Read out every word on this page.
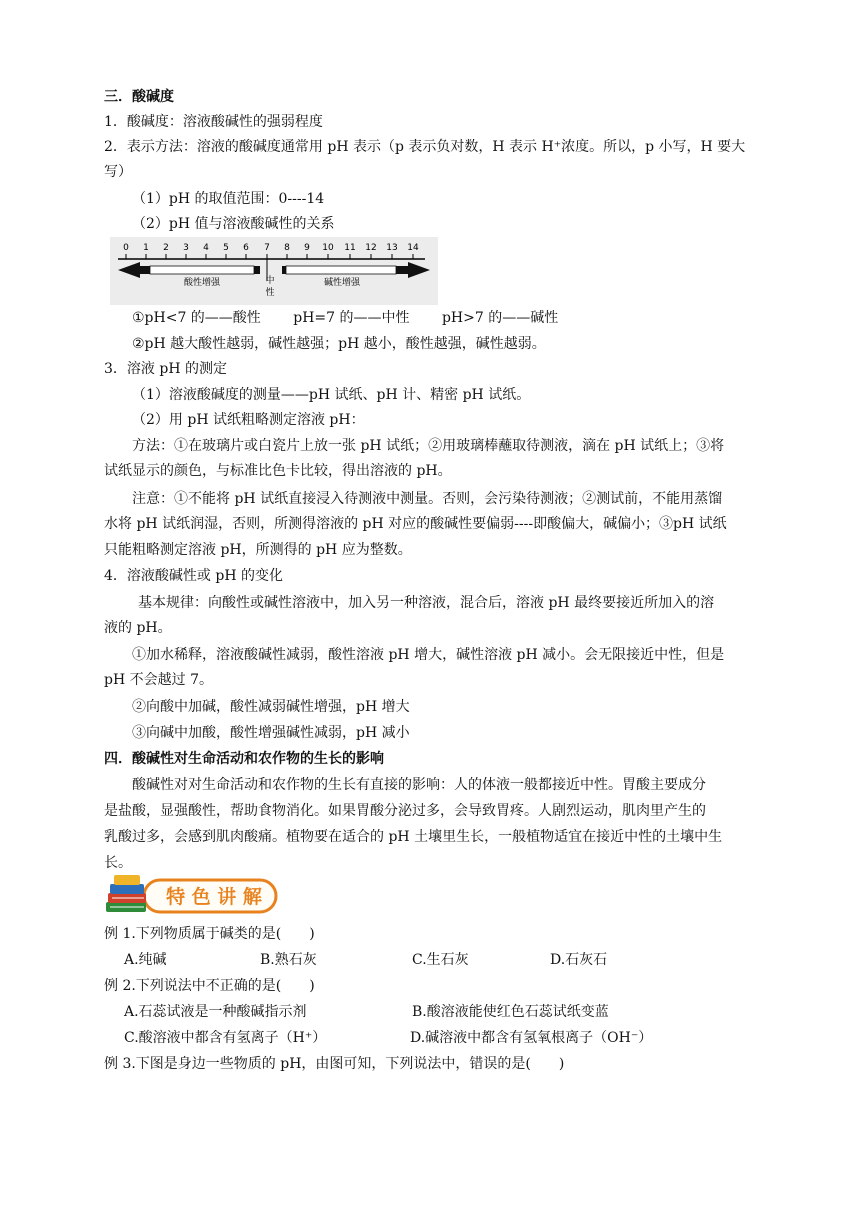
三．酸碱度
1．酸碱度：溶液酸碱性的强弱程度
2．表示方法：溶液的酸碱度通常用 pH 表示（p 表示负对数，H 表示 H⁺浓度。所以，p 小写，H 要大
写）
（1）pH 的取值范围：0----14
（2）pH 值与溶液酸碱性的关系
0 1 2 3 4 5 6 7 8 9 10 11 12 13 14
酸性增强	中
性
碱性增强
①pH<7 的——酸性　　 pH=7 的——中性　　 pH>7 的——碱性
②pH 越大酸性越弱，碱性越强；pH 越小，酸性越强，碱性越弱。
3．溶液 pH 的测定
（1）溶液酸碱度的测量——pH 试纸、pH 计、精密 pH 试纸。
（2）用 pH 试纸粗略测定溶液 pH：
方法：①在玻璃片或白瓷片上放一张 pH 试纸；②用玻璃棒蘸取待测液，滴在 pH 试纸上；③将
试纸显示的颜色，与标准比色卡比较，得出溶液的 pH。
注意：①不能将 pH 试纸直接浸入待测液中测量。否则，会污染待测液；②测试前，不能用蒸馏
水将 pH 试纸润湿，否则，所测得溶液的 pH 对应的酸碱性要偏弱----即酸偏大，碱偏小；③pH 试纸
只能粗略测定溶液 pH，所测得的 pH 应为整数。
4．溶液酸碱性或 pH 的变化
基本规律：向酸性或碱性溶液中，加入另一种溶液，混合后，溶液 pH 最终要接近所加入的溶
液的 pH。
①加水稀释，溶液酸碱性减弱，酸性溶液 pH 增大，碱性溶液 pH 减小。会无限接近中性，但是
pH 不会越过 7。
②向酸中加碱，酸性减弱碱性增强，pH 增大
③向碱中加酸，酸性增强碱性减弱，pH 减小
四．酸碱性对生命活动和农作物的生长的影响
酸碱性对对生命活动和农作物的生长有直接的影响：人的体液一般都接近中性。胃酸主要成分
是盐酸，显强酸性，帮助食物消化。如果胃酸分泌过多，会导致胃疼。人剧烈运动，肌肉里产生的
乳酸过多，会感到肌肉酸痛。植物要在适合的 pH 土壤里生长，一般植物适宜在接近中性的土壤中生
长。
特 色 讲 解
例 1.下列物质属于碱类的是(　　)
A.纯碱	B.熟石灰	C.生石灰	D.石灰石
例 2.下列说法中不正确的是(　　)
A.石蕊试液是一种酸碱指示剂	B.酸溶液能使红色石蕊试纸变蓝
C.酸溶液中都含有氢离子（H⁺）	D.碱溶液中都含有氢氧根离子（OH⁻）
例 3.下图是身边一些物质的 pH，由图可知，下列说法中，错误的是(　　)
